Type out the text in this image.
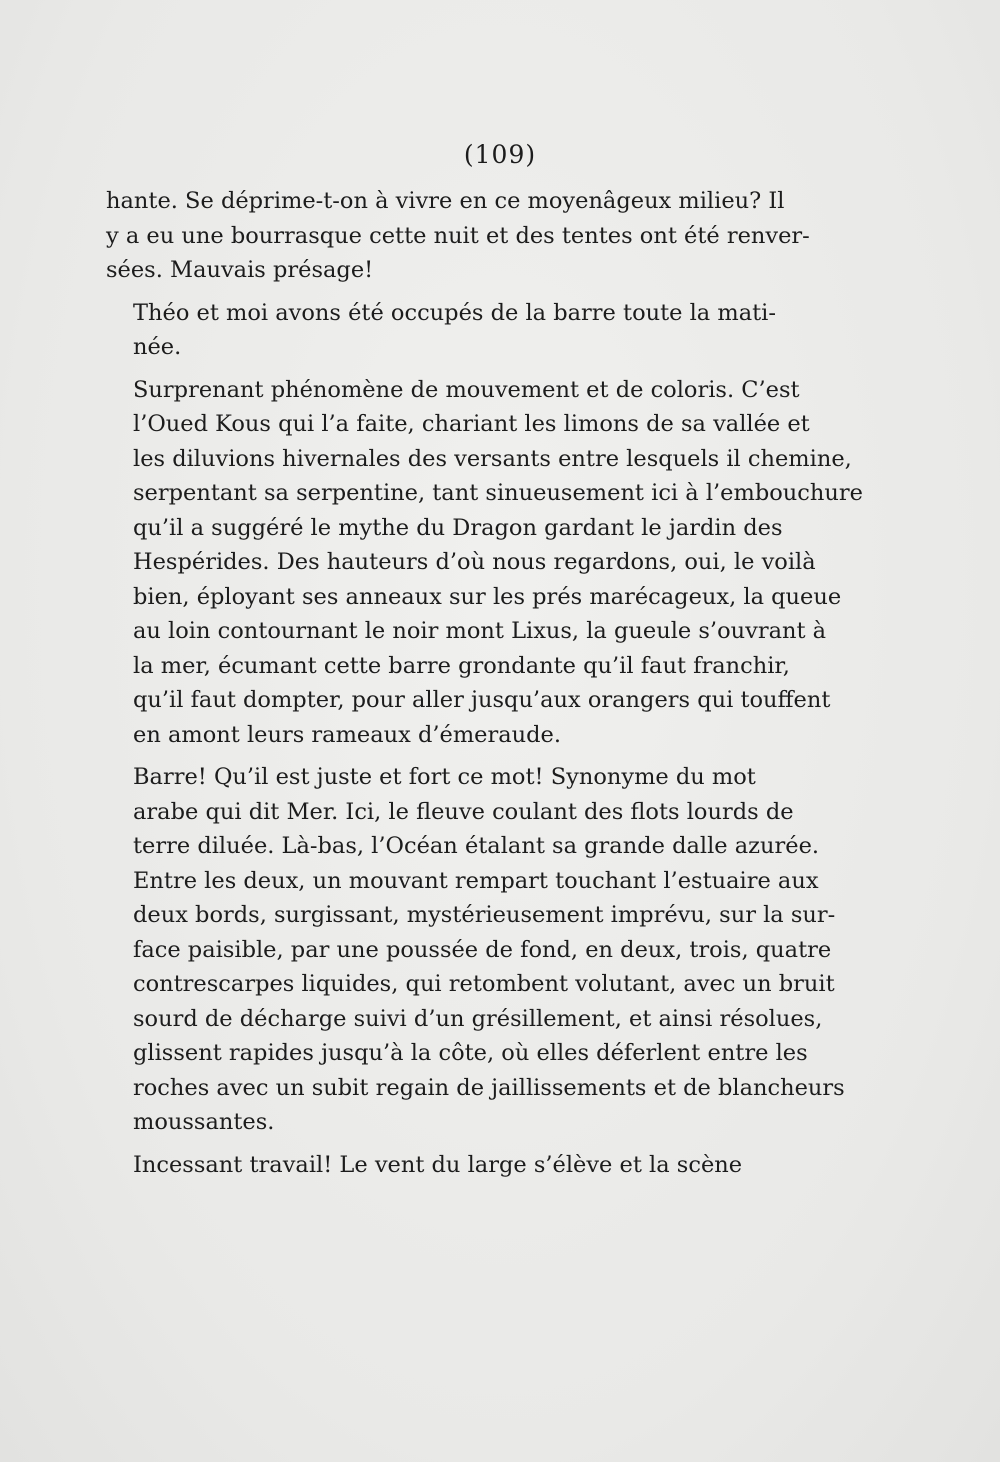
(109)

hante. Se déprime-t-on à vivre en ce moyenâgeux milieu? Il
y a eu une bourrasque cette nuit et des tentes ont été renver-
sées. Mauvais présage!

Théo et moi avons été occupés de la barre toute la mati-
née.

Surprenant phénomène de mouvement et de coloris. C’est
l’Oued Kous qui l’a faite, chariant les limons de sa vallée et
les diluvions hivernales des versants entre lesquels il chemine,
serpentant sa serpentine, tant sinueusement ici à l’embouchure
qu’il a suggéré le mythe du Dragon gardant le jardin des
Hespérides. Des hauteurs d’où nous regardons, oui, le voilà
bien, éployant ses anneaux sur les prés marécageux, la queue
au loin contournant le noir mont Lixus, la gueule s’ouvrant à
la mer, écumant cette barre grondante qu’il faut franchir,
qu’il faut dompter, pour aller jusqu’aux orangers qui touffent
en amont leurs rameaux d’émeraude.

Barre! Qu’il est juste et fort ce mot! Synonyme du mot
arabe qui dit Mer. Ici, le fleuve coulant des flots lourds de
terre diluée. Là-bas, l’Océan étalant sa grande dalle azurée.
Entre les deux, un mouvant rempart touchant l’estuaire aux
deux bords, surgissant, mystérieusement imprévu, sur la sur-
face paisible, par une poussée de fond, en deux, trois, quatre
contrescarpes liquides, qui retombent volutant, avec un bruit
sourd de décharge suivi d’un grésillement, et ainsi résolues,
glissent rapides jusqu’à la côte, où elles déferlent entre les
roches avec un subit regain de jaillissements et de blancheurs
moussantes.

Incessant travail! Le vent du large s’élève et la scène
